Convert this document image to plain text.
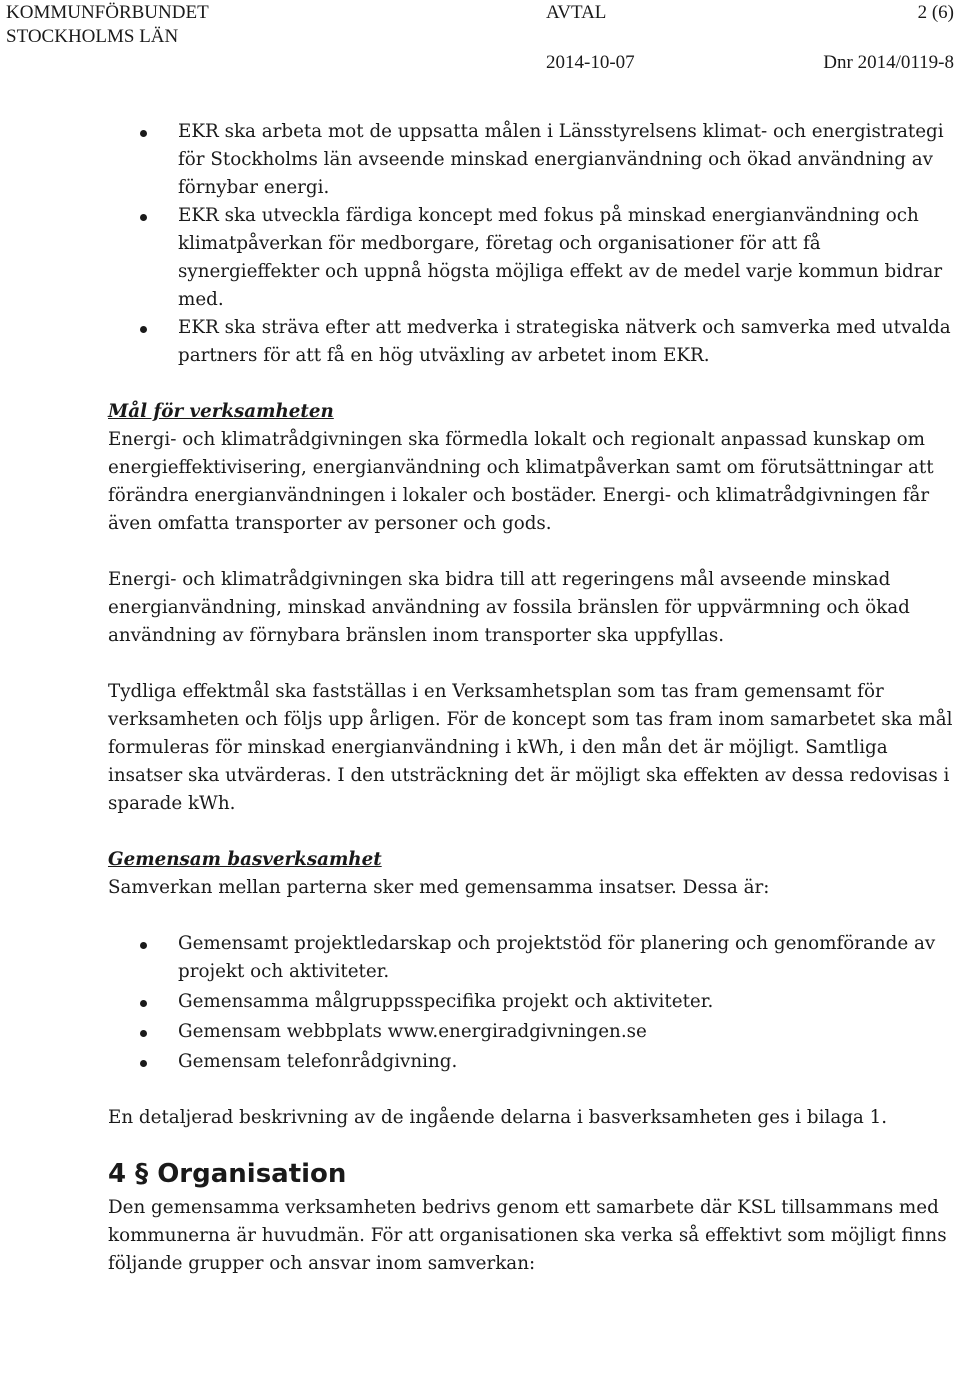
KOMMUNFÖRBUNDET
STOCKHOLMS LÄN
AVTAL	2 (6)
2014-10-07	Dnr 2014/0119-8
EKR ska arbeta mot de uppsatta målen i Länsstyrelsens klimat- och energistrategi för Stockholms län avseende minskad energianvändning och ökad användning av förnybar energi.
EKR ska utveckla färdiga koncept med fokus på minskad energianvändning och klimatpåverkan för medborgare, företag och organisationer för att få synergieffekter och uppnå högsta möjliga effekt av de medel varje kommun bidrar med.
EKR ska sträva efter att medverka i strategiska nätverk och samverka med utvalda partners för att få en hög utväxling av arbetet inom EKR.
Mål för verksamheten

Energi- och klimatrådgivningen ska förmedla lokalt och regionalt anpassad kunskap om energieffektivisering, energianvändning och klimatpåverkan samt om förutsättningar att förändra energianvändningen i lokaler och bostäder. Energi- och klimatrådgivningen får även omfatta transporter av personer och gods.

Energi- och klimatrådgivningen ska bidra till att regeringens mål avseende minskad energianvändning, minskad användning av fossila bränslen för uppvärmning och ökad användning av förnybara bränslen inom transporter ska uppfyllas.

Tydliga effektmål ska fastställas i en Verksamhetsplan som tas fram gemensamt för verksamheten och följs upp årligen. För de koncept som tas fram inom samarbetet ska mål formuleras för minskad energianvändning i kWh, i den mån det är möjligt. Samtliga insatser ska utvärderas. I den utsträckning det är möjligt ska effekten av dessa redovisas i sparade kWh.

Gemensam basverksamhet

Samverkan mellan parterna sker med gemensamma insatser. Dessa är:

Gemensamt projektledarskap och projektstöd för planering och genomförande av projekt och aktiviteter.
Gemensamma målgruppsspecifika projekt och aktiviteter.
Gemensam webbplats www.energiradgivningen.se
Gemensam telefonrådgivning.

En detaljerad beskrivning av de ingående delarna i basverksamheten ges i bilaga 1.

4 § Organisation

Den gemensamma verksamheten bedrivs genom ett samarbete där KSL tillsammans med kommunerna är huvudmän. För att organisationen ska verka så effektivt som möjligt finns följande grupper och ansvar inom samverkan:
